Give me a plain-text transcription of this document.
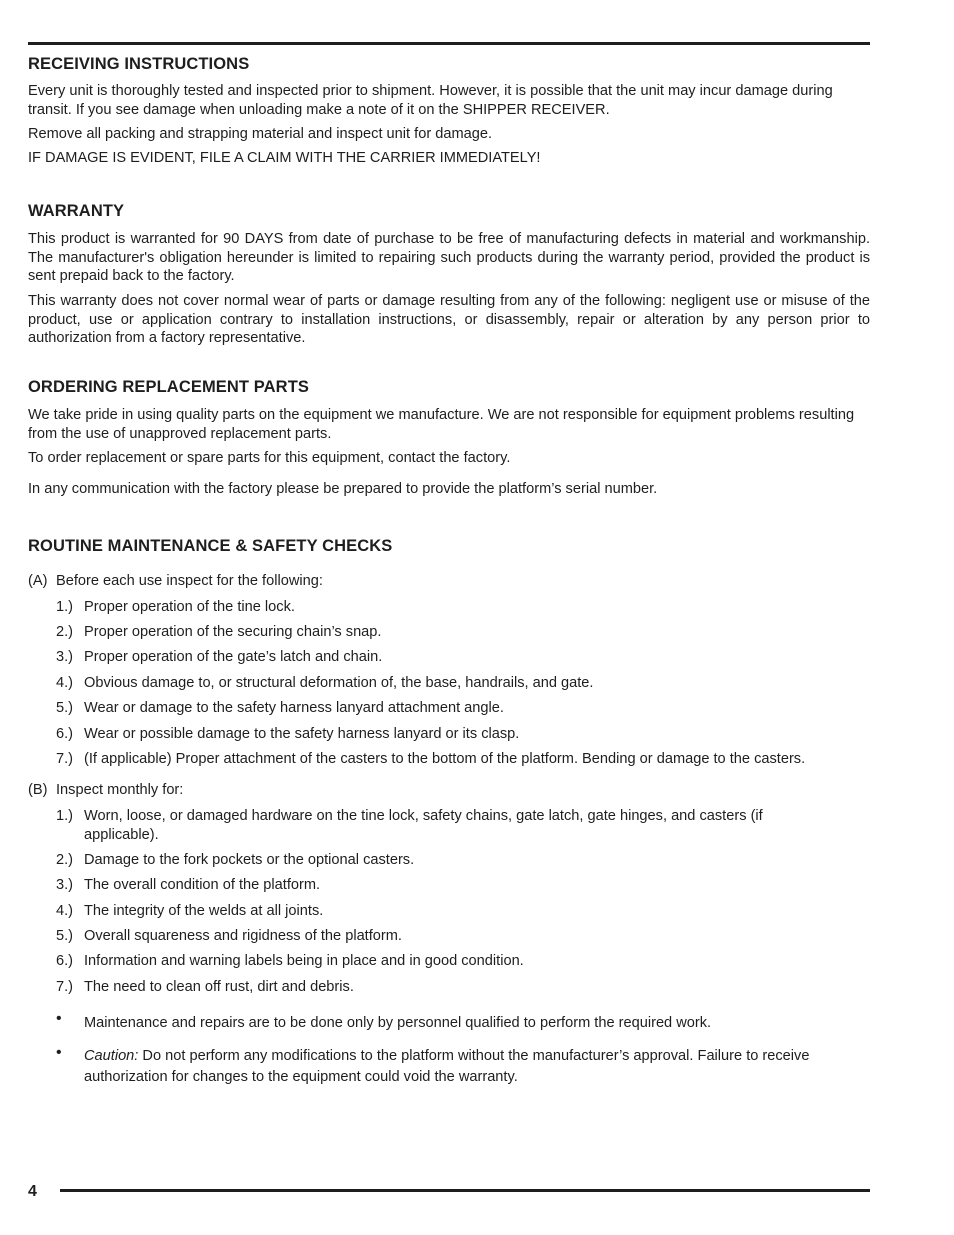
RECEIVING INSTRUCTIONS

Every unit is thoroughly tested and inspected prior to shipment. However, it is possible that the unit may incur damage during transit. If you see damage when unloading make a note of it on the SHIPPER RECEIVER.

Remove all packing and strapping material and inspect unit for damage.

IF DAMAGE IS EVIDENT, FILE A CLAIM WITH THE CARRIER IMMEDIATELY!

WARRANTY

This product is warranted for 90 DAYS from date of purchase to be free of manufacturing defects in material and workmanship. The manufacturer's obligation hereunder is limited to repairing such products during the warranty period, provided the product is sent prepaid back to the factory.

This warranty does not cover normal wear of parts or damage resulting from any of the following: negligent use or misuse of the product, use or application contrary to installation instructions, or disassembly, repair or alteration by any person prior to authorization from a factory representative.

ORDERING REPLACEMENT PARTS

We take pride in using quality parts on the equipment we manufacture. We are not responsible for equipment problems resulting from the use of unapproved replacement parts.

To order replacement or spare parts for this equipment, contact the factory.

In any communication with the factory please be prepared to provide the platform’s serial number.

ROUTINE MAINTENANCE & SAFETY CHECKS
(A) Before each use inspect for the following:
1.) Proper operation of the tine lock.
2.) Proper operation of the securing chain’s snap.
3.) Proper operation of the gate’s latch and chain.
4.) Obvious damage to, or structural deformation of, the base, handrails, and gate.
5.) Wear or damage to the safety harness lanyard attachment angle.
6.) Wear or possible damage to the safety harness lanyard or its clasp.
7.) (If applicable) Proper attachment of the casters to the bottom of the platform. Bending or damage to the casters.
(B) Inspect monthly for:
1.) Worn, loose, or damaged hardware on the tine lock, safety chains, gate latch, gate hinges, and casters (if applicable).
2.) Damage to the fork pockets or the optional casters.
3.) The overall condition of the platform.
4.) The integrity of the welds at all joints.
5.) Overall squareness and rigidness of the platform.
6.) Information and warning labels being in place and in good condition.
7.) The need to clean off rust, dirt and debris.
• Maintenance and repairs are to be done only by personnel qualified to perform the required work.
• Caution: Do not perform any modifications to the platform without the manufacturer’s approval. Failure to receive authorization for changes to the equipment could void the warranty.
4
